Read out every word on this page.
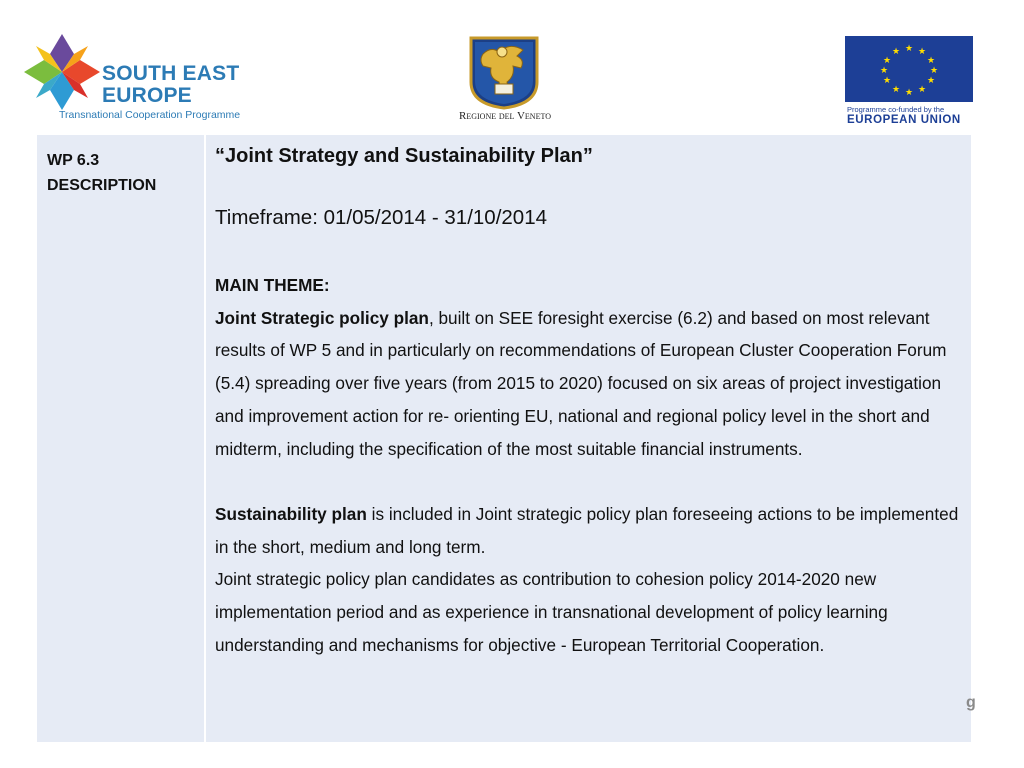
SOUTH EAST
EUROPE
Transnational Cooperation Programme	Regione del Veneto
★ ★
★
★
★
★
★
★
★
★
★
★
Programme co-funded by the
EUROPEAN UNION
WP 6.3
DESCRIPTION
“Joint Strategy and Sustainability Plan”
Timeframe: 01/05/2014 - 31/10/2014

MAIN THEME:

Joint Strategic policy plan, built on SEE foresight exercise (6.2) and based on most relevant results of WP 5 and in particularly on recommendations of European Cluster Cooperation Forum (5.4) spreading over five years (from 2015 to 2020) focused on six areas of project investigation and improvement action for re- orienting EU, national and regional policy level in the short and midterm, including the specification of the most suitable financial instruments.

Sustainability plan is included in Joint strategic policy plan foreseeing actions to be implemented in the short, medium and long term.

Joint strategic policy plan candidates as contribution to cohesion policy 2014-2020 new implementation period and as experience in transnational development of policy learning understanding and mechanisms for objective - European Territorial Cooperation.

g
